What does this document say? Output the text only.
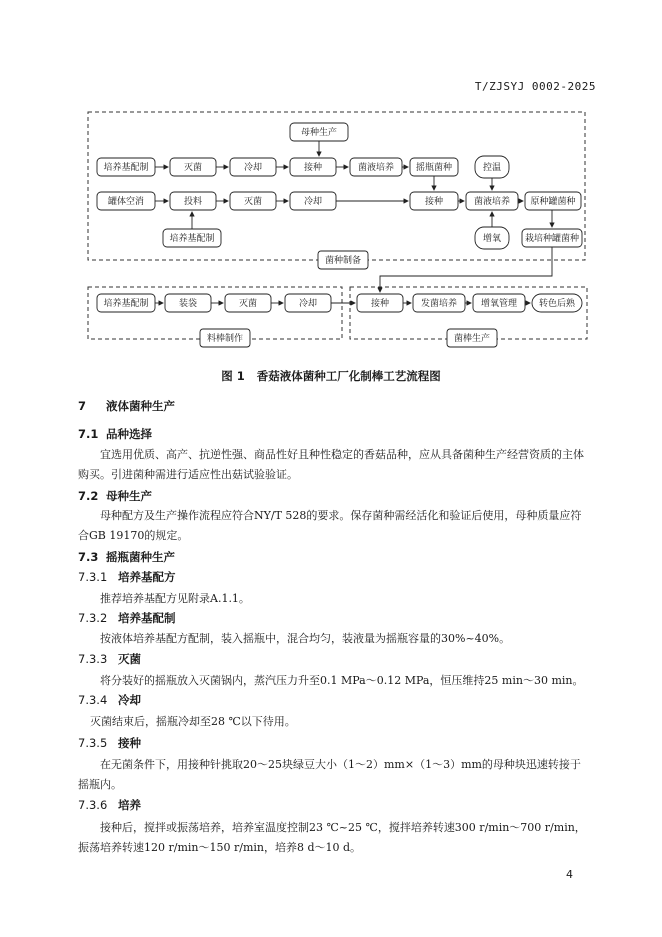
T/ZJSYJ 0002-2025
母种生产
培养基配制	灭菌	冷却	接种	菌液培养 摇瓶菌种	控温
罐体空消	投料	灭菌	冷却	接种	菌液培养 原种罐菌种
培养基配制	增氧	栽培种罐菌种
菌种制备
培养基配制	装袋	灭菌	冷却
料棒制作
接种	发菌培养	增氧管理 转色后熟
菌棒生产
图 1 香菇液体菌种工厂化制棒工艺流程图
7 液体菌种生产
7.1 品种选择
宜选用优质、高产、抗逆性强、商品性好且种性稳定的香菇品种，应从具备菌种生产经营资质的主体购买。引进菌种需进行适应性出菇试验验证。
7.2 母种生产
母种配方及生产操作流程应符合NY/T 528的要求。保存菌种需经活化和验证后使用，母种质量应符合GB 19170的规定。
7.3 摇瓶菌种生产
7.3.1 培养基配方
推荐培养基配方见附录A.1.1。
7.3.2 培养基配制
按液体培养基配方配制，装入摇瓶中，混合均匀，装液量为摇瓶容量的30%~40%。
7.3.3 灭菌
将分装好的摇瓶放入灭菌锅内，蒸汽压力升至0.1 MPa～0.12 MPa，恒压维持25 min～30 min。
7.3.4 冷却
灭菌结束后，摇瓶冷却至28 ℃以下待用。
7.3.5 接种
在无菌条件下，用接种针挑取20～25块绿豆大小（1～2）mm×（1～3）mm的母种块迅速转接于摇瓶内。
7.3.6 培养
接种后，搅拌或振荡培养，培养室温度控制23 ℃~25 ℃，搅拌培养转速300 r/min～700 r/min，振荡培养转速120 r/min～150 r/min，培养8 d～10 d。
4
